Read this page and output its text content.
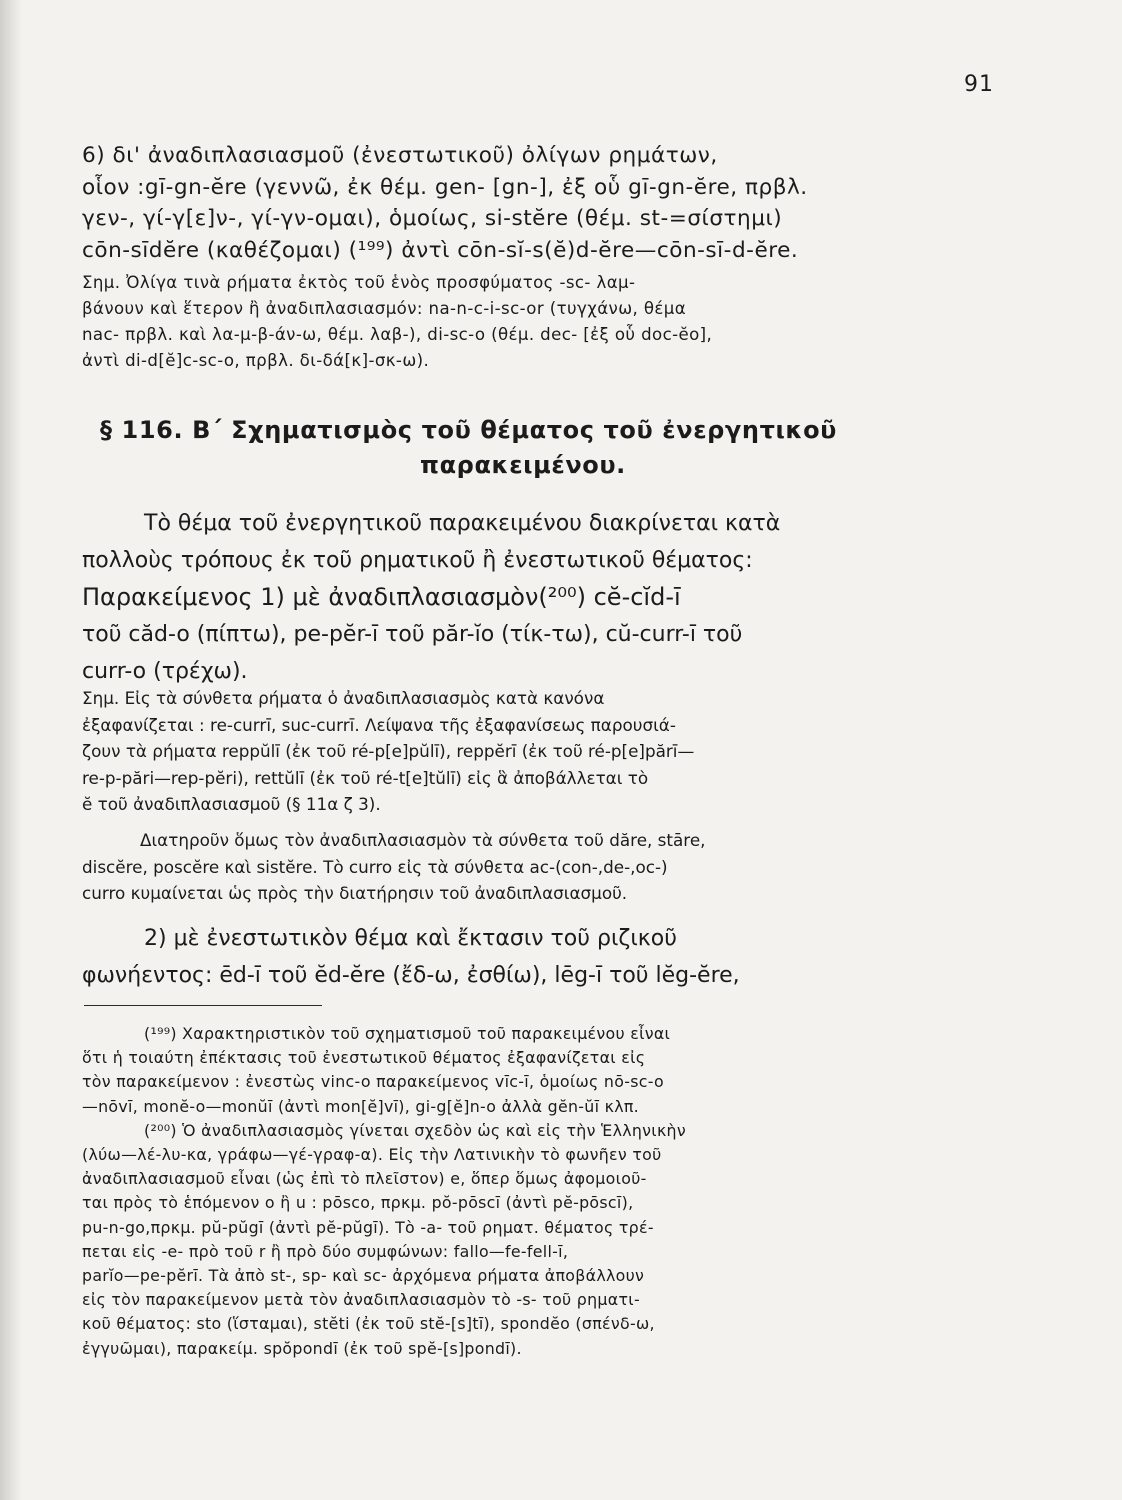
91
6) δι' ἀναδιπλασιασμοῦ (ἐνεστωτικοῦ) ὀλίγων ρημάτων,
οἷον :gī-gn-ĕre (γεννῶ, ἐκ θέμ. gen- [gn-], ἐξ οὗ gī-gn-ĕre, πρβλ.
γεν-, γί-γ[ε]ν-, γί-γν-ομαι), ὁμοίως, si-stĕre (θέμ. st-=σίστημι)
cōn-sīdĕre (καθέζομαι) (¹⁹⁹) ἀντὶ cōn-sĭ-s(ĕ)d-ĕre—cōn-sī-d-ĕre.
Σημ. Ὀλίγα τινὰ ρήματα ἐκτὸς τοῦ ἑνὸς προσφύματος -sc- λαμ-
βάνουν καὶ ἕτερον ἢ ἀναδιπλασιασμόν: na-n-c-i-sc-or (τυγχάνω, θέμα
nac- πρβλ. καὶ λα-μ-β-άν-ω, θέμ. λαβ-), di-sc-o (θέμ. dec- [ἐξ οὗ doc-ĕo],
ἀντὶ di-d[ĕ]c-sc-o, πρβλ. δι-δά[κ]-σκ-ω).
§ 116. Β΄ Σχηματισμὸς τοῦ θέματος τοῦ ἐνεργητικοῦ
παρακειμένου.
Τὸ θέμα τοῦ ἐνεργητικοῦ παρακειμένου διακρίνεται κατὰ
πολλοὺς τρόπους ἐκ τοῦ ρηματικοῦ ἢ ἐνεστωτικοῦ θέματος:
Παρακείμενος 1) μὲ ἀναδιπλασιασμὸν(²⁰⁰) cĕ-cĭd-ī
τοῦ căd-o (πίπτω), pe-pĕr-ī τοῦ păr-ĭo (τίκ-τω), cŭ-curr-ī τοῦ
curr-o (τρέχω).
Σημ. Εἰς τὰ σύνθετα ρήματα ὁ ἀναδιπλασιασμὸς κατὰ κανόνα
ἐξαφανίζεται : re-currī, suc-currī. Λείψανα τῆς ἐξαφανίσεως παρουσιά-
ζουν τὰ ρήματα reppŭlī (ἐκ τοῦ ré-p[e]pŭlī), reppĕrī (ἐκ τοῦ ré-p[e]părī—
re-p-pări—rep-pĕri), rettŭlī (ἐκ τοῦ ré-t[e]tŭlī) εἰς ἃ ἀποβάλλεται τὸ
ĕ τοῦ ἀναδιπλασιασμοῦ (§ 11α ζ 3).
Διατηροῦν ὅμως τὸν ἀναδιπλασιασμὸν τὰ σύνθετα τοῦ dăre, stāre,
discĕre, poscĕre καὶ sistĕre. Τὸ curro εἰς τὰ σύνθετα ac-(con-,de-,oc-)
curro κυμαίνεται ὡς πρὸς τὴν διατήρησιν τοῦ ἀναδιπλασιασμοῦ.
2) μὲ ἐνεστωτικὸν θέμα καὶ ἔκτασιν τοῦ ριζικοῦ
φωνήεντος: ēd-ī τοῦ ĕd-ĕre (ἔδ-ω, ἐσθίω), lēg-ī τοῦ lĕg-ĕre,
(¹⁹⁹) Χαρακτηριστικὸν τοῦ σχηματισμοῦ τοῦ παρακειμένου εἶναι
ὅτι ἡ τοιαύτη ἐπέκτασις τοῦ ἐνεστωτικοῦ θέματος ἐξαφανίζεται εἰς
τὸν παρακείμενον : ἐνεστὼς vinc-o παρακείμενος vīc-ī, ὁμοίως nō-sc-o
—nōvī, monĕ-o—monŭī (ἀντὶ mon[ĕ]vī), gi-g[ĕ]n-o ἀλλὰ gĕn-ŭī κλπ.
(²⁰⁰) Ὁ ἀναδιπλασιασμὸς γίνεται σχεδὸν ὡς καὶ εἰς τὴν Ἑλληνικὴν
(λύω—λέ-λυ-κα, γράφω—γέ-γραφ-α). Εἰς τὴν Λατινικὴν τὸ φωνῆεν τοῦ
ἀναδιπλασιασμοῦ εἶναι (ὡς ἐπὶ τὸ πλεῖστον) e, ὅπερ ὅμως ἀφομοιοῦ-
ται πρὸς τὸ ἑπόμενον o ἢ u : pōsco, πρκμ. pŏ-pōscī (ἀντὶ pĕ-pōscī),
pu-n-go,πρκμ. pŭ-pŭgī (ἀντὶ pĕ-pŭgī). Τὸ -a- τοῦ ρηματ. θέματος τρέ-
πεται εἰς -e- πρὸ τοῦ r ἢ πρὸ δύο συμφώνων: fallo—fe-fell-ī,
parĭo—pe-pĕrī. Τὰ ἀπὸ st-, sp- καὶ sc- ἀρχόμενα ρήματα ἀποβάλλουν
εἰς τὸν παρακείμενον μετὰ τὸν ἀναδιπλασιασμὸν τὸ -s- τοῦ ρηματι-
κοῦ θέματος: sto (ἵσταμαι), stĕti (ἐκ τοῦ stĕ-[s]tī), spondĕo (σπένδ-ω,
ἐγγυῶμαι), παρακείμ. spŏpondī (ἐκ τοῦ spĕ-[s]pondī).
